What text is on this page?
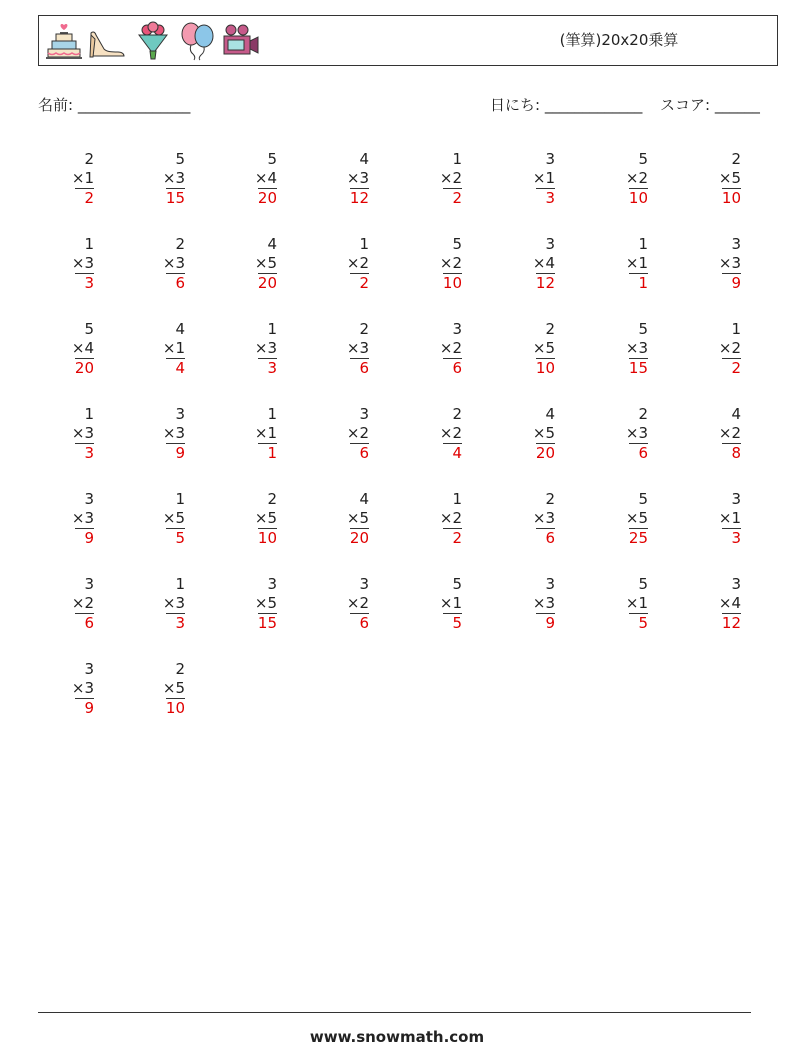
(筆算)20x20乗算
名前: _______________	日にち: _____________ スコア: ______
2
×1
2
5
×3
15
5
×4
20
4
×3
12
1
×2
2
3
×1
3
5
×2
10
2
×5
10
1
×3
3
2
×3
6
4
×5
20
1
×2
2
5
×2
10
3
×4
12
1
×1
1
3
×3
9
5
×4
20
4
×1
4
1
×3
3
2
×3
6
3
×2
6
2
×5
10
5
×3
15
1
×2
2
1
×3
3
3
×3
9
1
×1
1
3
×2
6
2
×2
4
4
×5
20
2
×3
6
4
×2
8
3
×3
9
1
×5
5
2
×5
10
4
×5
20
1
×2
2
2
×3
6
5
×5
25
3
×1
3
3
×2
6
1
×3
3
3
×5
15
3
×2
6
5
×1
5
3
×3
9
5
×1
5
3
×4
12
3
×3
9
2
×5
10
www.snowmath.com
